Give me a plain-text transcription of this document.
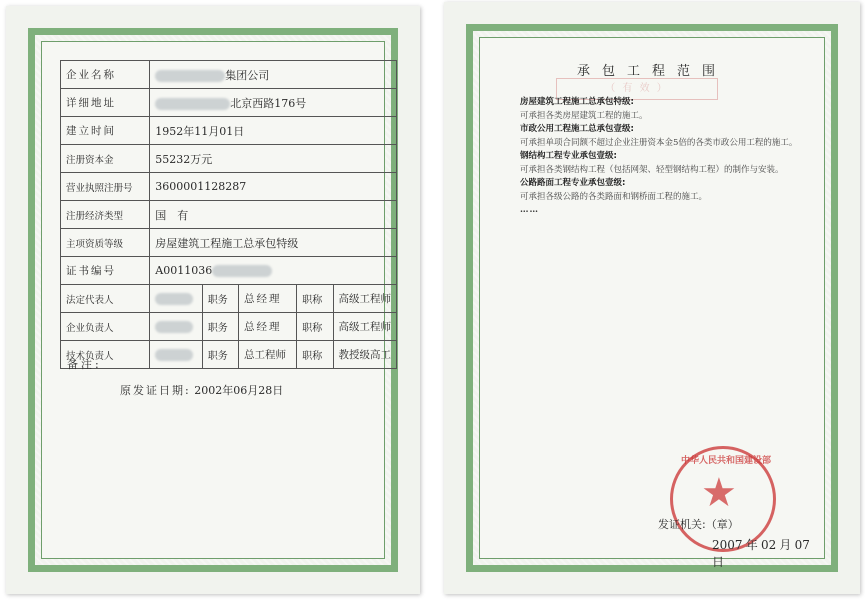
企业名称	集团公司				
详细地址	北京西路176号				
建立时间	1952年11月01日				
注册资本金	55232万元				
营业执照注册号	3600001128287				
注册经济类型	国　有				
主项资质等级	房屋建筑工程施工总承包特级				
证书编号	A0011036				
法定代表人		职务	总经理	职称	高级工程师
企业负责人		职务	总经理	职称	高级工程师
技术负责人		职务	总工程师	职称	教授级高工
备注:
原发证日期: 2002年06月28日
承包工程范围
（ 有 效 ）
房屋建筑工程施工总承包特级:
可承担各类房屋建筑工程的施工。
市政公用工程施工总承包壹级:
可承担单项合同额不超过企业注册资本金5倍的各类市政公用工程的施工。
钢结构工程专业承包壹级:
可承担各类钢结构工程（包括网架、轻型钢结构工程）的制作与安装。
公路路面工程专业承包壹级:
可承担各级公路的各类路面和钢桥面工程的施工。
……
中华人民共和国建设部
★
发证机关:（章）
2007 年 02 月 07 日
